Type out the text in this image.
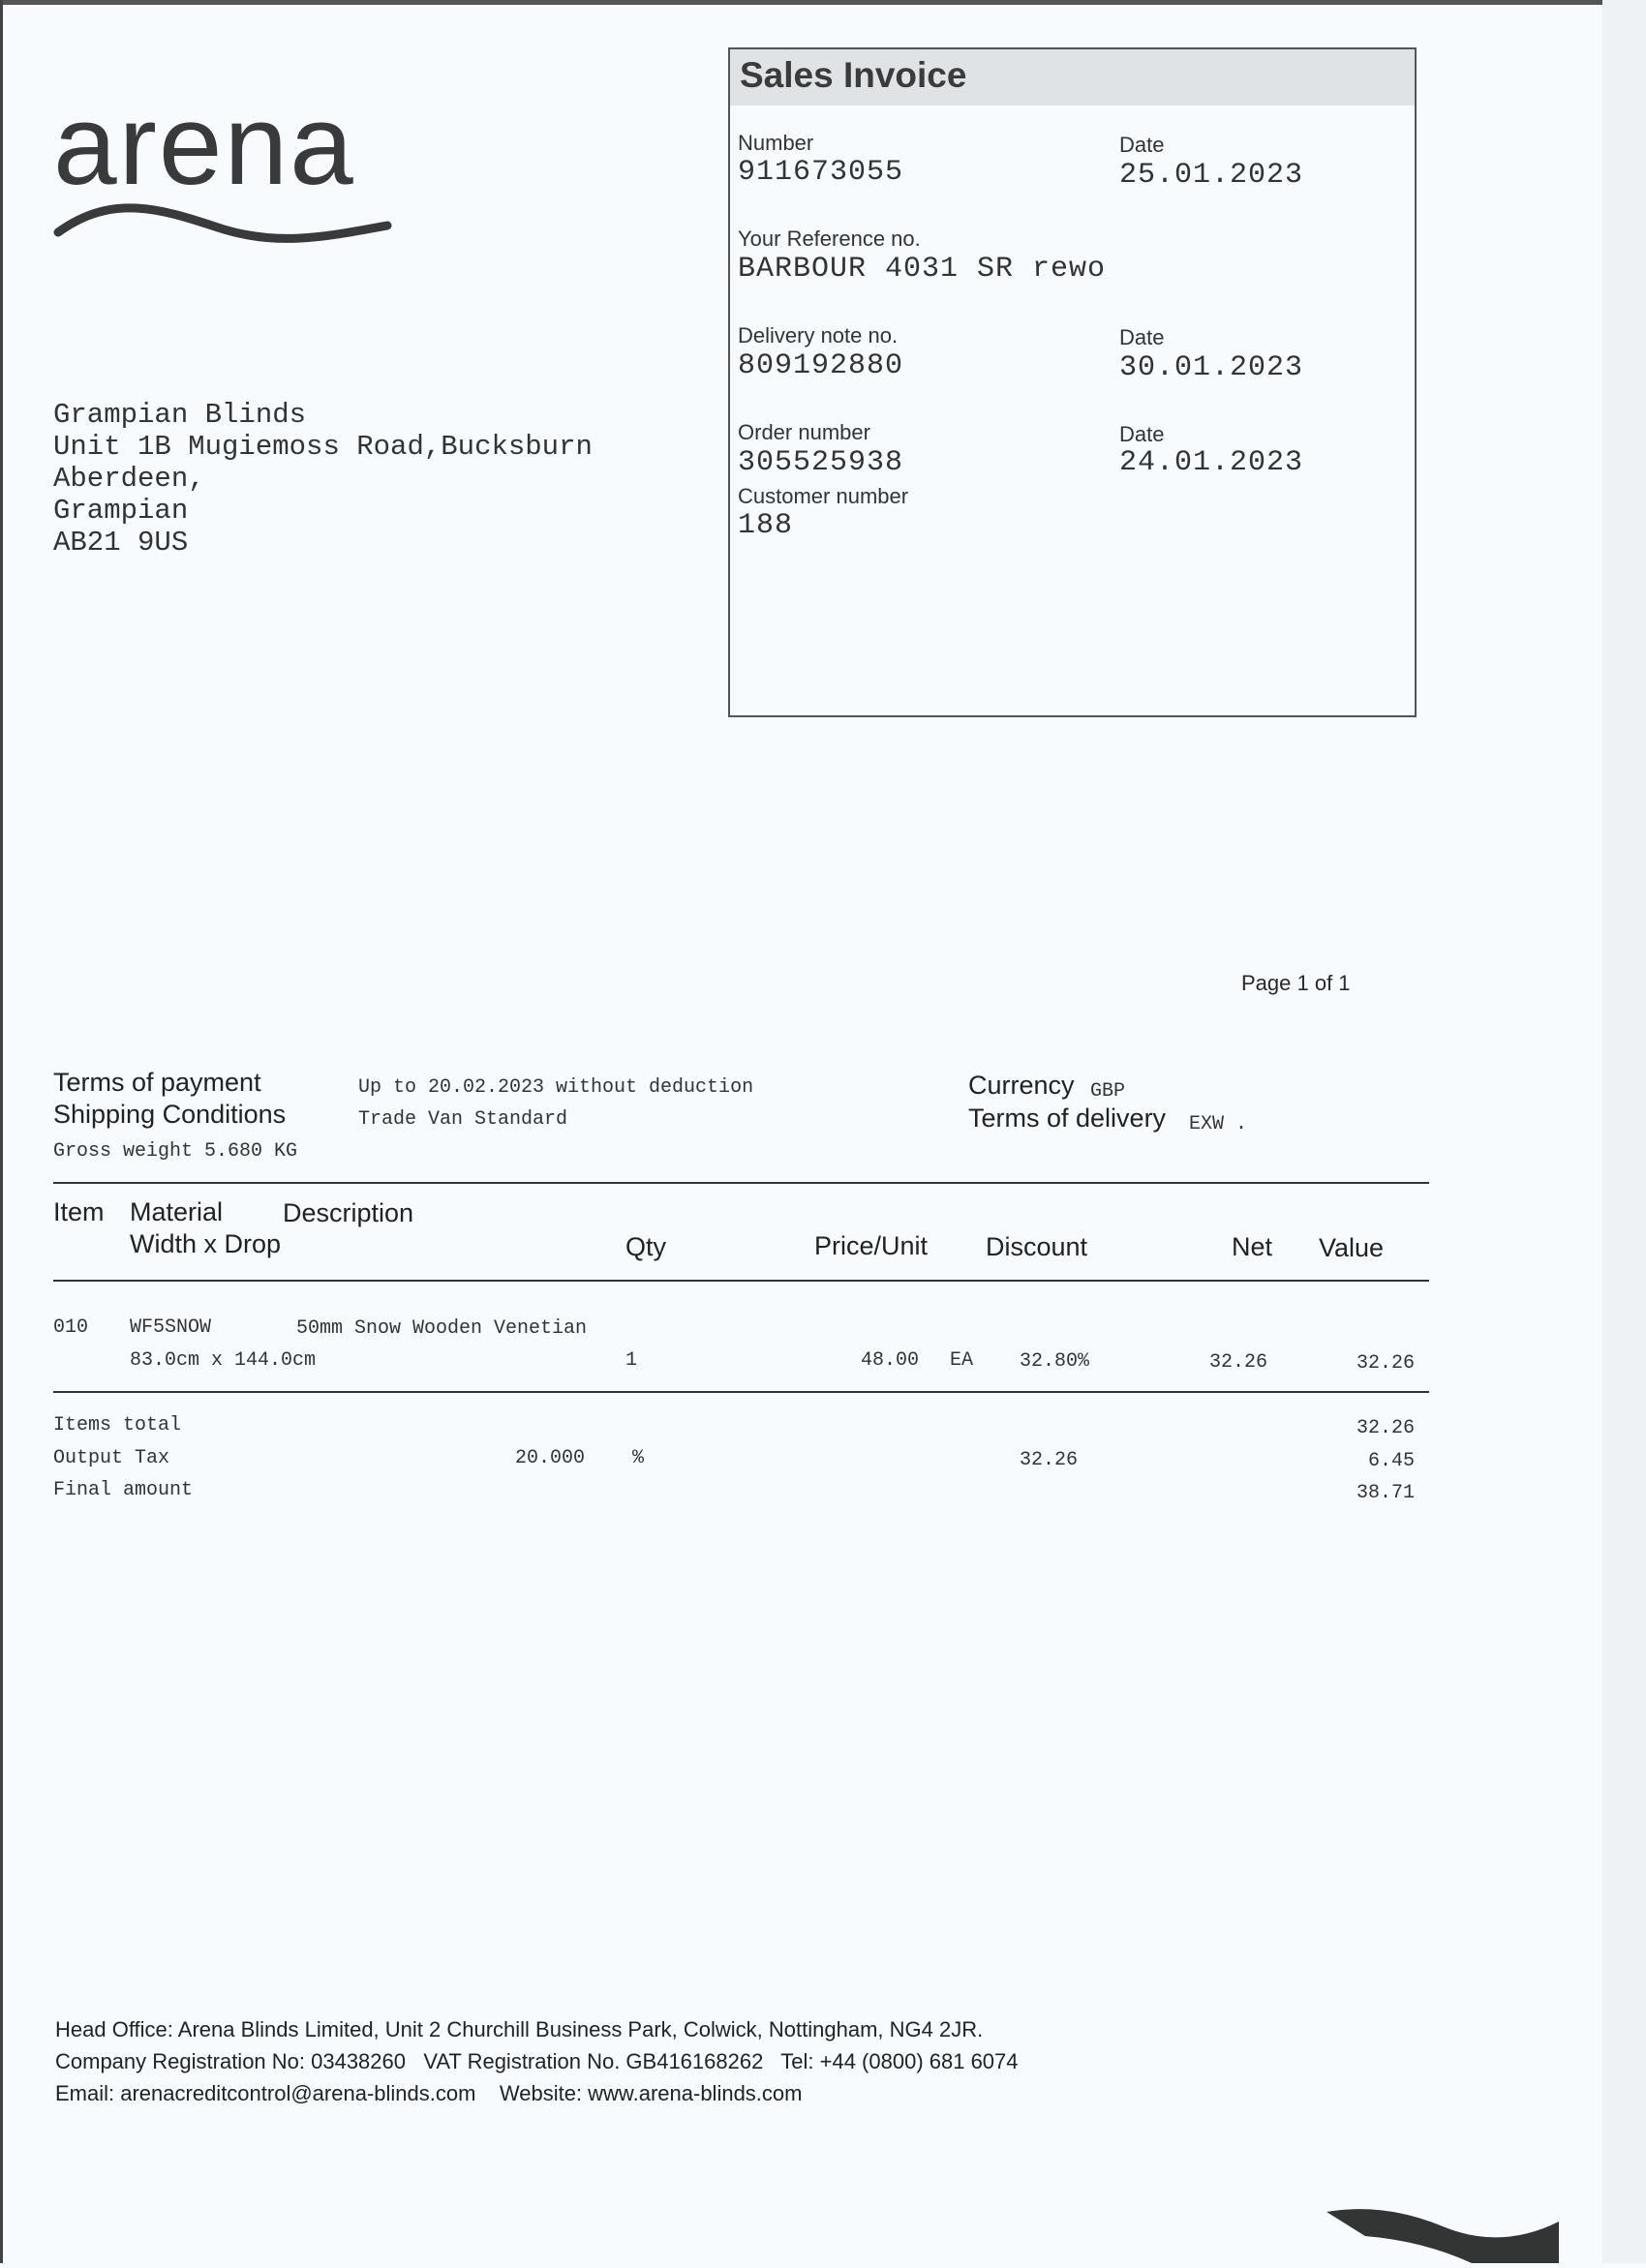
arena
Sales Invoice
Number
911673055
Date
25.01.2023
Your Reference no.
BARBOUR 4031 SR rewo
Delivery note no.
809192880
Date
30.01.2023
Order number
305525938
Date
24.01.2023
Customer number
188
Grampian Blinds
Unit 1B Mugiemoss Road,Bucksburn
Aberdeen,
Grampian
AB21 9US
Page 1 of 1
Terms of payment	Up to 20.02.2023 without deduction
Shipping Conditions	Trade Van Standard
Gross weight 5.680 KG
Currency GBP
Terms of delivery EXW .
Item Material Description
Width x Drop	Qty	Price/Unit Discount	Net Value
010 WF5SNOW	50mm Snow Wooden Venetian
83.0cm x 144.0cm	1	48.00 EA 32.80%	32.26	32.26
Items total	32.26
Output Tax	20.000 %	32.26	6.45
Final amount	38.71
Head Office: Arena Blinds Limited, Unit 2 Churchill Business Park, Colwick, Nottingham, NG4 2JR.
Company Registration No: 03438260   VAT Registration No. GB416168262   Tel: +44 (0800) 681 6074
Email: arenacreditcontrol@arena-blinds.com    Website: www.arena-blinds.com
